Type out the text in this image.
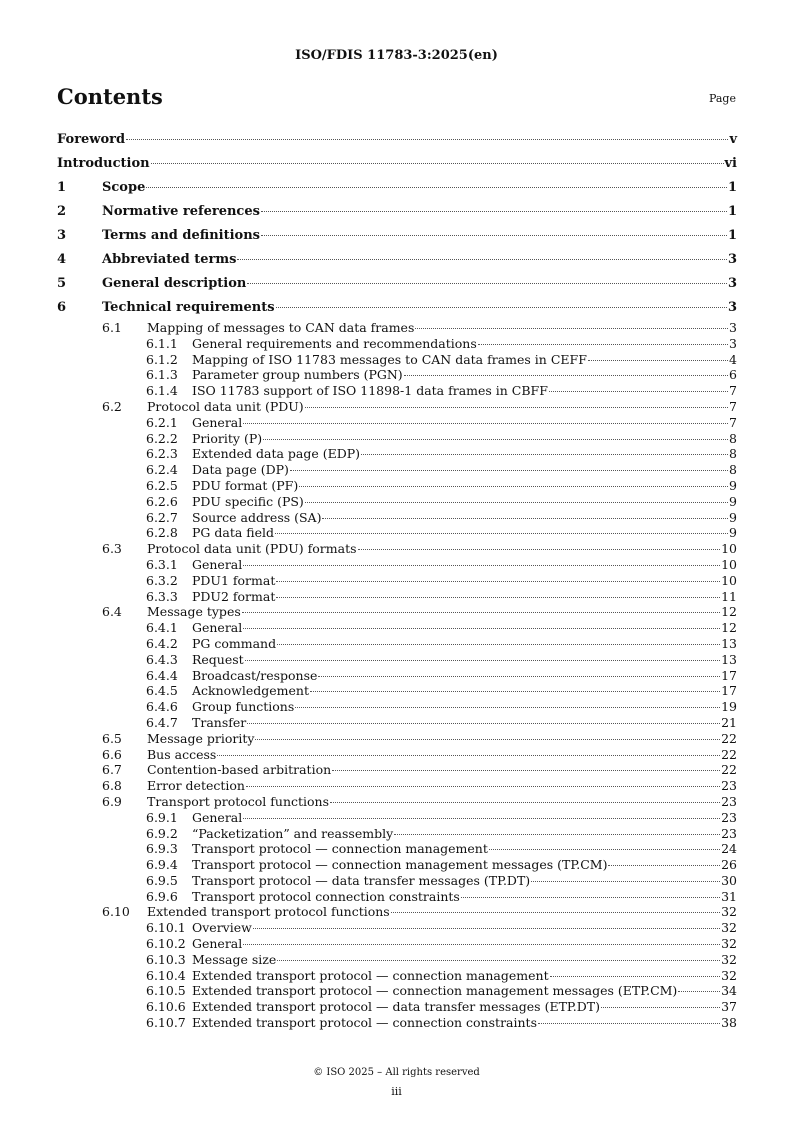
ISO/FDIS 11783-3:2025(en)
Contents	Page
Foreword	v
Introduction	vi
1	Scope	1
2	Normative references	1
3	Terms and definitions	1
4	Abbreviated terms	3
5	General description	3
6	Technical requirements	3
6.1	Mapping of messages to CAN data frames	3
6.1.1	General requirements and recommendations	3
6.1.2	Mapping of ISO 11783 messages to CAN data frames in CEFF	4
6.1.3	Parameter group numbers (PGN)	6
6.1.4	ISO 11783 support of ISO 11898-1 data frames in CBFF	7
6.2	Protocol data unit (PDU)	7
6.2.1	General	7
6.2.2	Priority (P)	8
6.2.3	Extended data page (EDP)	8
6.2.4	Data page (DP)	8
6.2.5	PDU format (PF)	9
6.2.6	PDU specific (PS)	9
6.2.7	Source address (SA)	9
6.2.8	PG data field	9
6.3	Protocol data unit (PDU) formats	10
6.3.1	General	10
6.3.2	PDU1 format	10
6.3.3	PDU2 format	11
6.4	Message types	12
6.4.1	General	12
6.4.2	PG command	13
6.4.3	Request	13
6.4.4	Broadcast/response	17
6.4.5	Acknowledgement	17
6.4.6	Group functions	19
6.4.7	Transfer	21
6.5	Message priority	22
6.6	Bus access	22
6.7	Contention-based arbitration	22
6.8	Error detection	23
6.9	Transport protocol functions	23
6.9.1	General	23
6.9.2	“Packetization” and reassembly	23
6.9.3	Transport protocol — connection management	24
6.9.4	Transport protocol — connection management messages (TP.CM)	26
6.9.5	Transport protocol — data transfer messages (TP.DT)	30
6.9.6	Transport protocol connection constraints	31
6.10	Extended transport protocol functions	32
6.10.1 Overview	32
6.10.2 General	32
6.10.3 Message size	32
6.10.4 Extended transport protocol — connection management	32
6.10.5 Extended transport protocol — connection management messages (ETP.CM)	34
6.10.6 Extended transport protocol — data transfer messages (ETP.DT)	37
6.10.7 Extended transport protocol — connection constraints	38
© ISO 2025 – All rights reserved
iii
